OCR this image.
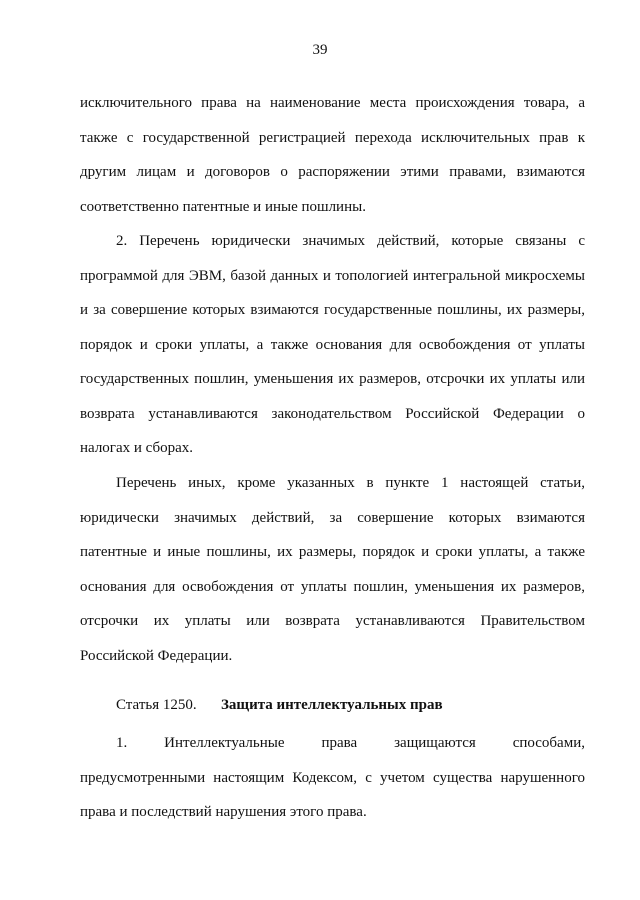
39
исключительного права на наименование места происхождения товара, а
также с государственной регистрацией перехода исключительных прав к
другим лицам и договоров о распоряжении этими правами, взимаются
соответственно патентные и иные пошлины.
2. Перечень юридически значимых действий, которые связаны с
программой для ЭВМ, базой данных и топологией интегральной микросхемы
и за совершение которых взимаются государственные пошлины, их размеры,
порядок и сроки уплаты, а также основания для освобождения от уплаты
государственных пошлин, уменьшения их размеров, отсрочки их уплаты или
возврата устанавливаются законодательством Российской Федерации о
налогах и сборах.
Перечень иных, кроме указанных в пункте 1 настоящей статьи,
юридически значимых действий, за совершение которых взимаются
патентные и иные пошлины, их размеры, порядок и сроки уплаты, а также
основания для освобождения от уплаты пошлин, уменьшения их размеров,
отсрочки их уплаты или возврата устанавливаются Правительством
Российской Федерации.
Статья 1250. Защита интеллектуальных прав
1. Интеллектуальные права защищаются способами,
предусмотренными настоящим Кодексом, с учетом существа нарушенного
права и последствий нарушения этого права.
